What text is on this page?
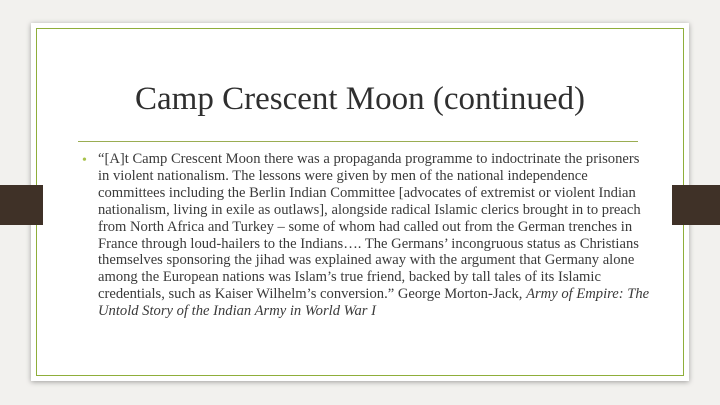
Camp Crescent Moon (continued)
• “[A]t Camp Crescent Moon there was a propaganda programme to indoctrinate the prisoners in violent nationalism. The lessons were given by men of the national independence committees including the Berlin Indian Committee [advocates of extremist or violent Indian nationalism, living in exile as outlaws], alongside radical Islamic clerics brought in to preach from North Africa and Turkey – some of whom had called out from the German trenches in France through loud-hailers to the Indians…. The Germans’ incongruous status as Christians themselves sponsoring the jihad was explained away with the argument that Germany alone among the European nations was Islam’s true friend, backed by tall tales of its Islamic credentials, such as Kaiser Wilhelm’s conversion.” George Morton-Jack, Army of Empire: The Untold Story of the Indian Army in World War I
